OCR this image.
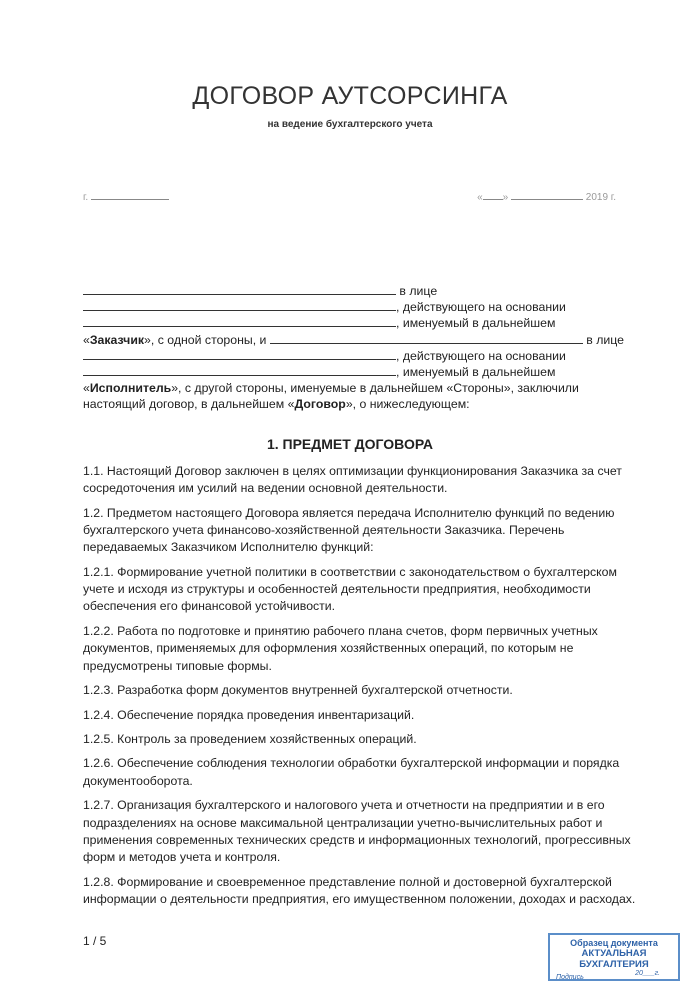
ДОГОВОР АУТСОРСИНГА
на ведение бухгалтерского учета
г.	« »	2019 г.
в лице
, действующего на основании
, именуемый в дальнейшем
«Заказчик», с одной стороны, и	в лице
, действующего на основании
, именуемый в дальнейшем
«Исполнитель», с другой стороны, именуемые в дальнейшем «Стороны», заключили
настоящий договор, в дальнейшем «Договор», о нижеследующем:
1. ПРЕДМЕТ ДОГОВОРА
1.1. Настоящий Договор заключен в целях оптимизации функционирования Заказчика за счет
сосредоточения им усилий на ведении основной деятельности.
1.2. Предметом настоящего Договора является передача Исполнителю функций по ведению
бухгалтерского учета финансово-хозяйственной деятельности Заказчика. Перечень
передаваемых Заказчиком Исполнителю функций:
1.2.1. Формирование учетной политики в соответствии с законодательством о бухгалтерском
учете и исходя из структуры и особенностей деятельности предприятия, необходимости
обеспечения его финансовой устойчивости.
1.2.2. Работа по подготовке и принятию рабочего плана счетов, форм первичных учетных
документов, применяемых для оформления хозяйственных операций, по которым не
предусмотрены типовые формы.
1.2.3. Разработка форм документов внутренней бухгалтерской отчетности.
1.2.4. Обеспечение порядка проведения инвентаризаций.
1.2.5. Контроль за проведением хозяйственных операций.
1.2.6. Обеспечение соблюдения технологии обработки бухгалтерской информации и порядка
документооборота.
1.2.7. Организация бухгалтерского и налогового учета и отчетности на предприятии и в его
подразделениях на основе максимальной централизации учетно-вычислительных работ и
применения современных технических средств и информационных технологий, прогрессивных
форм и методов учета и контроля.
1.2.8. Формирование и своевременное представление полной и достоверной бухгалтерской
информации о деятельности предприятия, его имущественном положении, доходах и расходах.
1 / 5	Образец документа
АКТУАЛЬНАЯ БУХГАЛТЕРИЯ
20___г.
Подпись
